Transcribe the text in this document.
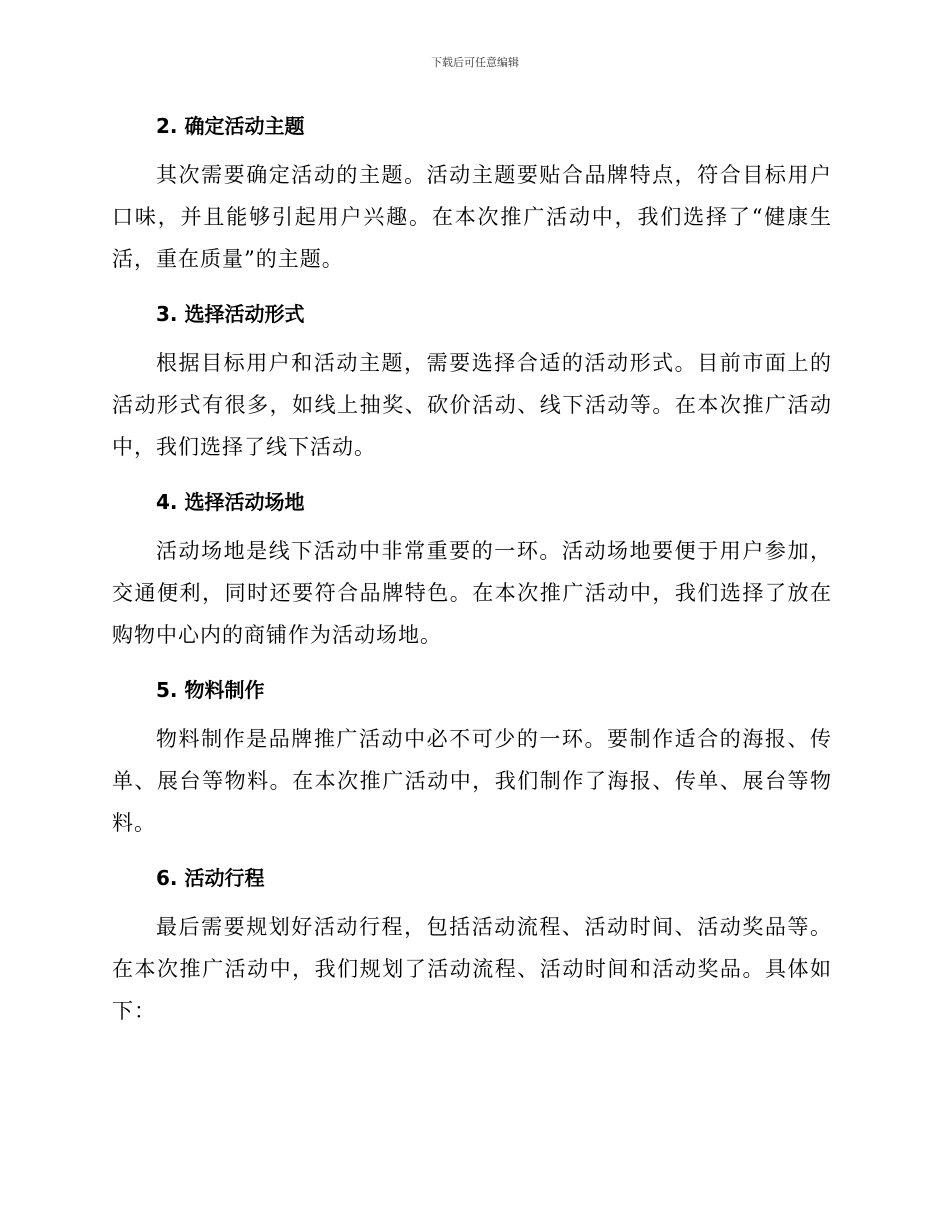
下载后可任意编辑
2. 确定活动主题

其次需要确定活动的主题。活动主题要贴合品牌特点，符合目标用户口味，并且能够引起用户兴趣。在本次推广活动中，我们选择了“健康生活，重在质量”的主题。

3. 选择活动形式

根据目标用户和活动主题，需要选择合适的活动形式。目前市面上的活动形式有很多，如线上抽奖、砍价活动、线下活动等。在本次推广活动中，我们选择了线下活动。

4. 选择活动场地

活动场地是线下活动中非常重要的一环。活动场地要便于用户参加，交通便利，同时还要符合品牌特色。在本次推广活动中，我们选择了放在购物中心内的商铺作为活动场地。

5. 物料制作

物料制作是品牌推广活动中必不可少的一环。要制作适合的海报、传单、展台等物料。在本次推广活动中，我们制作了海报、传单、展台等物料。

6. 活动行程

最后需要规划好活动行程，包括活动流程、活动时间、活动奖品等。在本次推广活动中，我们规划了活动流程、活动时间和活动奖品。具体如下：
